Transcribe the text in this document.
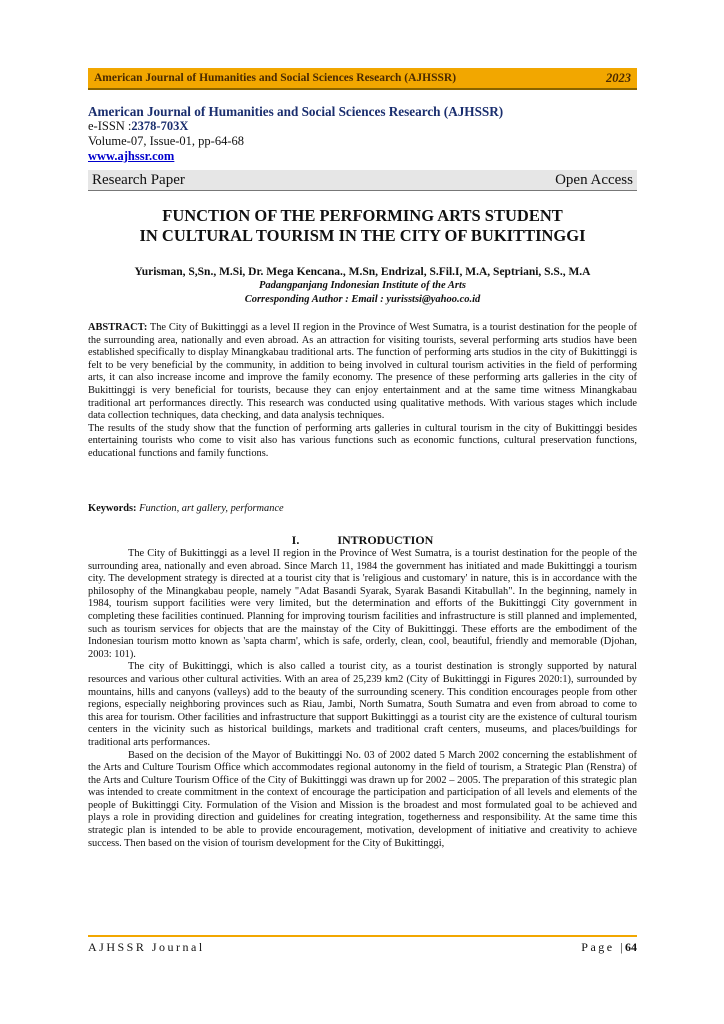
American Journal of Humanities and Social Sciences Research (AJHSSR)	2023
American Journal of Humanities and Social Sciences Research (AJHSSR)
e-ISSN :2378-703X
Volume-07, Issue-01, pp-64-68
www.ajhssr.com
Research Paper	Open Access
FUNCTION OF THE PERFORMING ARTS STUDENT
IN CULTURAL TOURISM IN THE CITY OF BUKITTINGGI
Yurisman, S,Sn., M.Si, Dr. Mega Kencana., M.Sn, Endrizal, S.Fil.I, M.A, Septriani, S.S., M.A
Padangpanjang Indonesian Institute of the Arts
Corresponding Author : Email : yurisstsi@yahoo.co.id
ABSTRACT: The City of Bukittinggi as a level II region in the Province of West Sumatra, is a tourist destination for the people of the surrounding area, nationally and even abroad. As an attraction for visiting tourists, several performing arts studios have been established specifically to display Minangkabau traditional arts. The function of performing arts studios in the city of Bukittinggi is felt to be very beneficial by the community, in addition to being involved in cultural tourism activities in the field of performing arts, it can also increase income and improve the family economy. The presence of these performing arts galleries in the city of Bukittinggi is very beneficial for tourists, because they can enjoy entertainment and at the same time witness Minangkabau traditional art performances directly. This research was conducted using qualitative methods. With various stages which include data collection techniques, data checking, and data analysis techniques.
The results of the study show that the function of performing arts galleries in cultural tourism in the city of Bukittinggi besides entertaining tourists who come to visit also has various functions such as economic functions, cultural preservation functions, educational functions and family functions.
Keywords: Function, art gallery, performance
I.	INTRODUCTION

The City of Bukittinggi as a level II region in the Province of West Sumatra, is a tourist destination for the people of the surrounding area, nationally and even abroad. Since March 11, 1984 the government has initiated and made Bukittinggi a tourism city. The development strategy is directed at a tourist city that is 'religious and customary' in nature, this is in accordance with the philosophy of the Minangkabau people, namely "Adat Basandi Syarak, Syarak Basandi Kitabullah". In the beginning, namely in 1984, tourism support facilities were very limited, but the determination and efforts of the Bukittinggi City government in completing these facilities continued. Planning for improving tourism facilities and infrastructure is still planned and implemented, such as tourism services for objects that are the mainstay of the City of Bukittinggi. These efforts are the embodiment of the Indonesian tourism motto known as 'sapta charm', which is safe, orderly, clean, cool, beautiful, friendly and memorable (Djohan, 2003: 101).

The city of Bukittinggi, which is also called a tourist city, as a tourist destination is strongly supported by natural resources and various other cultural activities. With an area of 25,239 km2 (City of Bukittinggi in Figures 2020:1), surrounded by mountains, hills and canyons (valleys) add to the beauty of the surrounding scenery. This condition encourages people from other regions, especially neighboring provinces such as Riau, Jambi, North Sumatra, South Sumatra and even from abroad to come to this area for tourism. Other facilities and infrastructure that support Bukittinggi as a tourist city are the existence of cultural tourism centers in the vicinity such as historical buildings, markets and traditional craft centers, museums, and places/buildings for traditional arts performances.

Based on the decision of the Mayor of Bukittinggi No. 03 of 2002 dated 5 March 2002 concerning the establishment of the Arts and Culture Tourism Office which accommodates regional autonomy in the field of tourism, a Strategic Plan (Renstra) of the Arts and Culture Tourism Office of the City of Bukittinggi was drawn up for 2002 – 2005. The preparation of this strategic plan was intended to create commitment in the context of encourage the participation and participation of all levels and elements of the people of Bukittinggi City. Formulation of the Vision and Mission is the broadest and most formulated goal to be achieved and plays a role in providing direction and guidelines for creating integration, togetherness and responsibility. At the same time this strategic plan is intended to be able to provide encouragement, motivation, development of initiative and creativity to achieve success. Then based on the vision of tourism development for the City of Bukittinggi,

AJHSSR Journal	Page |64
